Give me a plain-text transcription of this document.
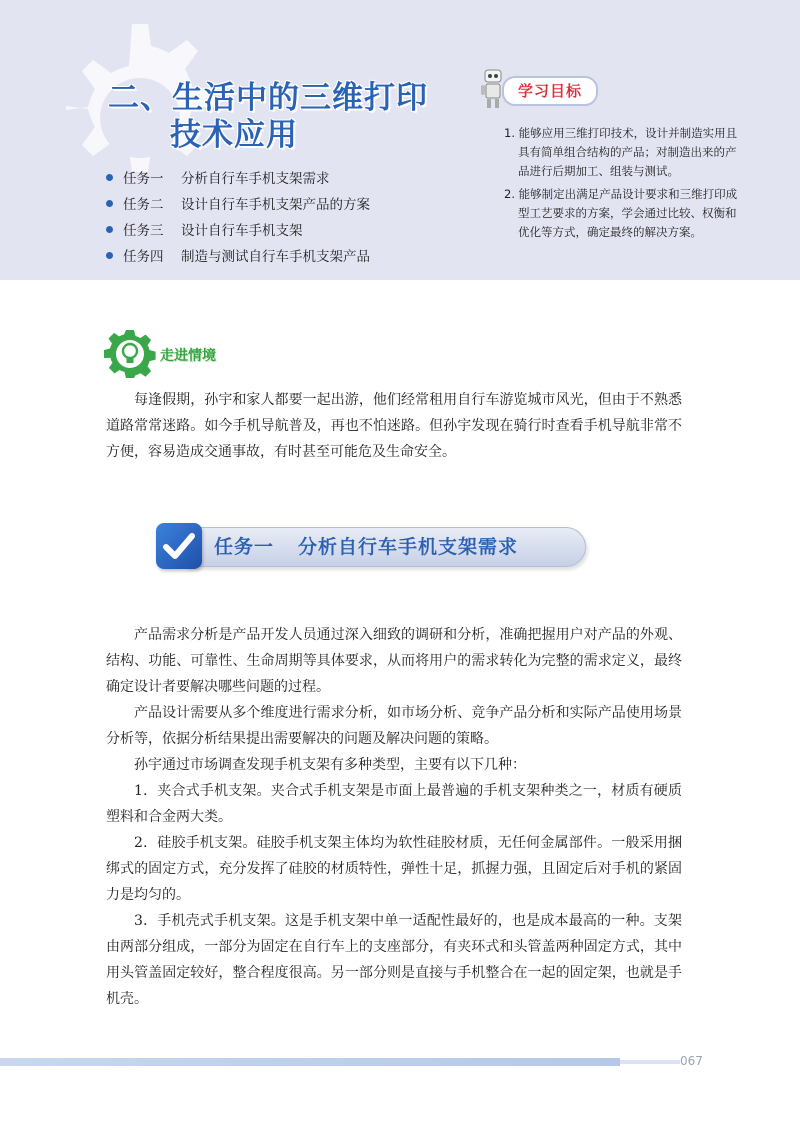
二、生活中的三维打印
技术应用
任务一 分析自行车手机支架需求
任务二 设计自行车手机支架产品的方案
任务三 设计自行车手机支架
任务四 制造与测试自行车手机支架产品
学习目标
1. 能够应用三维打印技术，设计并制造实用且具有简单组合结构的产品；对制造出来的产品进行后期加工、组装与测试。
2. 能够制定出满足产品设计要求和三维打印成型工艺要求的方案，学会通过比较、权衡和优化等方式，确定最终的解决方案。
走进情境

每逢假期，孙宇和家人都要一起出游，他们经常租用自行车游览城市风光，但由于不熟悉道路常常迷路。如今手机导航普及，再也不怕迷路。但孙宇发现在骑行时查看手机导航非常不方便，容易造成交通事故，有时甚至可能危及生命安全。

任务一 分析自行车手机支架需求

产品需求分析是产品开发人员通过深入细致的调研和分析，准确把握用户对产品的外观、结构、功能、可靠性、生命周期等具体要求，从而将用户的需求转化为完整的需求定义，最终确定设计者要解决哪些问题的过程。

产品设计需要从多个维度进行需求分析，如市场分析、竞争产品分析和实际产品使用场景分析等，依据分析结果提出需要解决的问题及解决问题的策略。

孙宇通过市场调查发现手机支架有多种类型，主要有以下几种：

1．夹合式手机支架。夹合式手机支架是市面上最普遍的手机支架种类之一，材质有硬质塑料和合金两大类。

2．硅胶手机支架。硅胶手机支架主体均为软性硅胶材质，无任何金属部件。一般采用捆绑式的固定方式，充分发挥了硅胶的材质特性，弹性十足，抓握力强，且固定后对手机的紧固力是均匀的。

3．手机壳式手机支架。这是手机支架中单一适配性最好的，也是成本最高的一种。支架由两部分组成，一部分为固定在自行车上的支座部分，有夹环式和头管盖两种固定方式，其中用头管盖固定较好，整合程度很高。另一部分则是直接与手机整合在一起的固定架，也就是手机壳。

067
